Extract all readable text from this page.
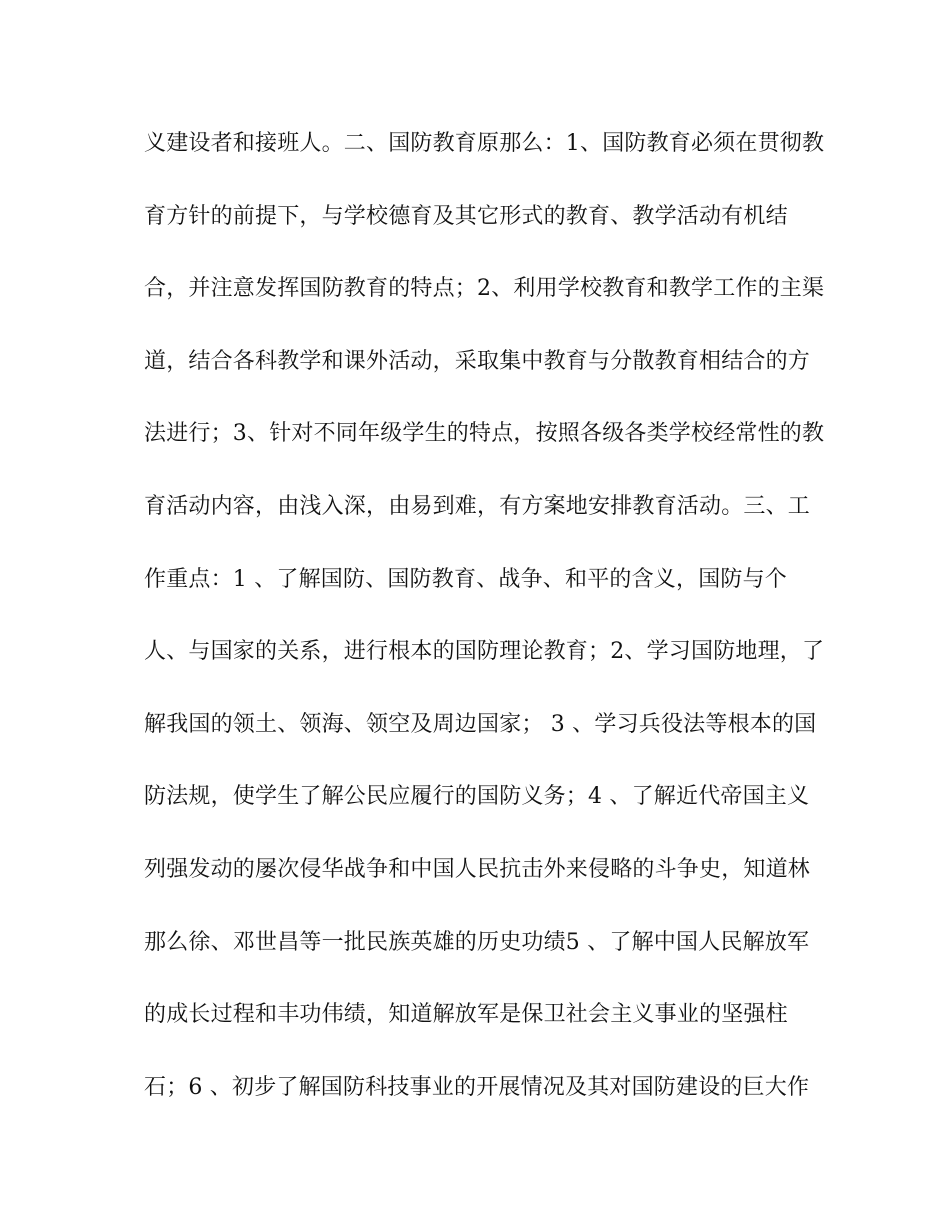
义建设者和接班人。二、国防教育原那么：1、国防教育必须在贯彻教
育方针的前提下，与学校德育及其它形式的教育、教学活动有机结
合，并注意发挥国防教育的特点；2、利用学校教育和教学工作的主渠
道，结合各科教学和课外活动，采取集中教育与分散教育相结合的方
法进行；3、针对不同年级学生的特点，按照各级各类学校经常性的教
育活动内容，由浅入深，由易到难，有方案地安排教育活动。三、工
作重点：1 、了解国防、国防教育、战争、和平的含义，国防与个
人、与国家的关系，进行根本的国防理论教育；2、学习国防地理，了
解我国的领土、领海、领空及周边国家； 3 、学习兵役法等根本的国
防法规，使学生了解公民应履行的国防义务；4 、了解近代帝国主义
列强发动的屡次侵华战争和中国人民抗击外来侵略的斗争史，知道林
那么徐、邓世昌等一批民族英雄的历史功绩5 、了解中国人民解放军
的成长过程和丰功伟绩，知道解放军是保卫社会主义事业的坚强柱
石；6 、初步了解国防科技事业的开展情况及其对国防建设的巨大作
